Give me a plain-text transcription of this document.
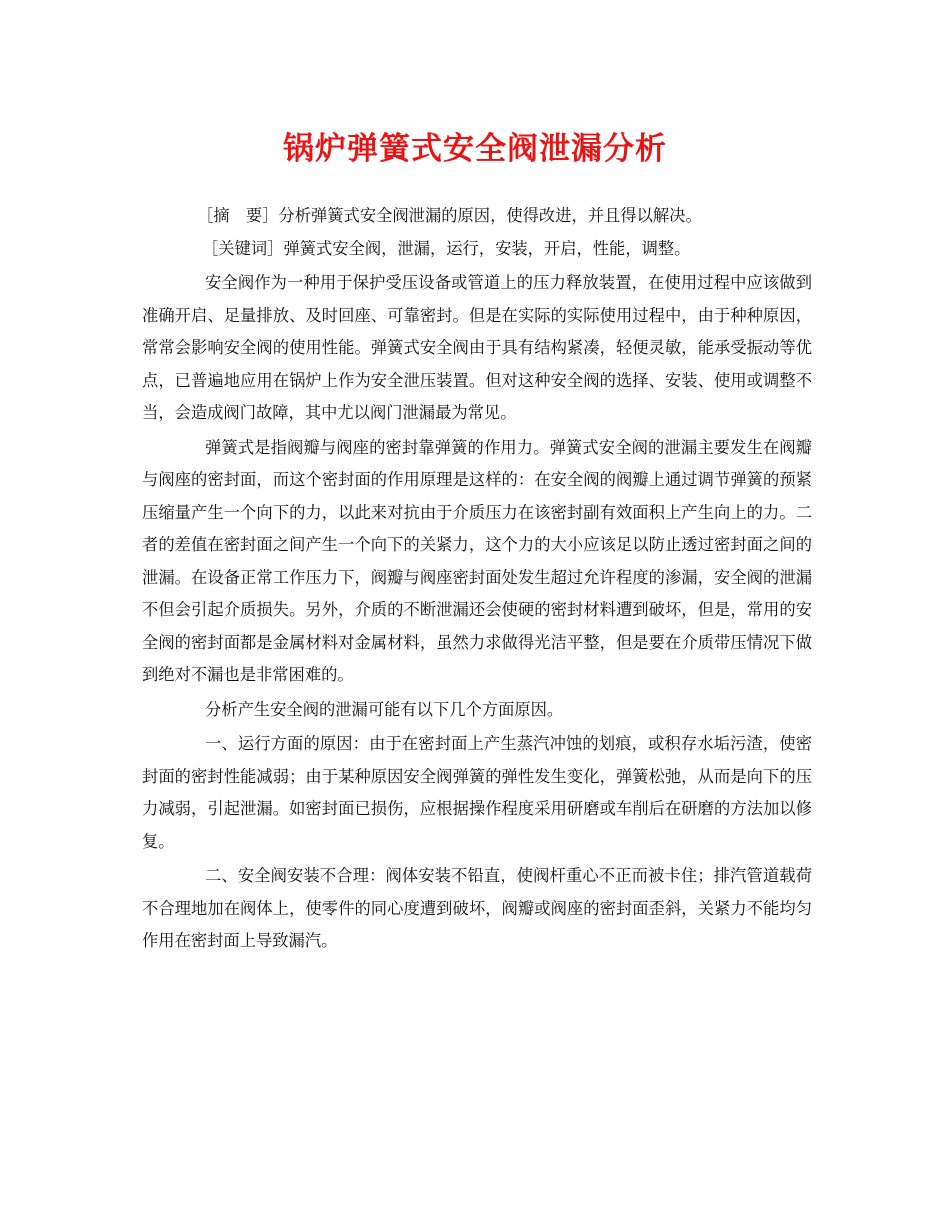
锅炉弹簧式安全阀泄漏分析

［摘　要］分析弹簧式安全阀泄漏的原因，使得改进，并且得以解决。

［关键词］弹簧式安全阀，泄漏，运行，安装，开启，性能，调整。

安全阀作为一种用于保护受压设备或管道上的压力释放装置，在使用过程中应该做到准确开启、足量排放、及时回座、可靠密封。但是在实际的实际使用过程中，由于种种原因，常常会影响安全阀的使用性能。弹簧式安全阀由于具有结构紧凑，轻便灵敏，能承受振动等优点，已普遍地应用在锅炉上作为安全泄压装置。但对这种安全阀的选择、安装、使用或调整不当，会造成阀门故障，其中尤以阀门泄漏最为常见。

弹簧式是指阀瓣与阀座的密封靠弹簧的作用力。弹簧式安全阀的泄漏主要发生在阀瓣与阀座的密封面，而这个密封面的作用原理是这样的：在安全阀的阀瓣上通过调节弹簧的预紧压缩量产生一个向下的力，以此来对抗由于介质压力在该密封副有效面积上产生向上的力。二者的差值在密封面之间产生一个向下的关紧力，这个力的大小应该足以防止透过密封面之间的泄漏。在设备正常工作压力下，阀瓣与阀座密封面处发生超过允许程度的渗漏，安全阀的泄漏不但会引起介质损失。另外，介质的不断泄漏还会使硬的密封材料遭到破坏，但是，常用的安全阀的密封面都是金属材料对金属材料，虽然力求做得光洁平整，但是要在介质带压情况下做到绝对不漏也是非常困难的。

分析产生安全阀的泄漏可能有以下几个方面原因。

一、运行方面的原因：由于在密封面上产生蒸汽冲蚀的划痕，或积存水垢污渣，使密封面的密封性能减弱；由于某种原因安全阀弹簧的弹性发生变化，弹簧松弛，从而是向下的压力减弱，引起泄漏。如密封面已损伤，应根据操作程度采用研磨或车削后在研磨的方法加以修复。

二、安全阀安装不合理：阀体安装不铅直，使阀杆重心不正而被卡住；排汽管道载荷不合理地加在阀体上，使零件的同心度遭到破坏，阀瓣或阀座的密封面歪斜，关紧力不能均匀作用在密封面上导致漏汽。
